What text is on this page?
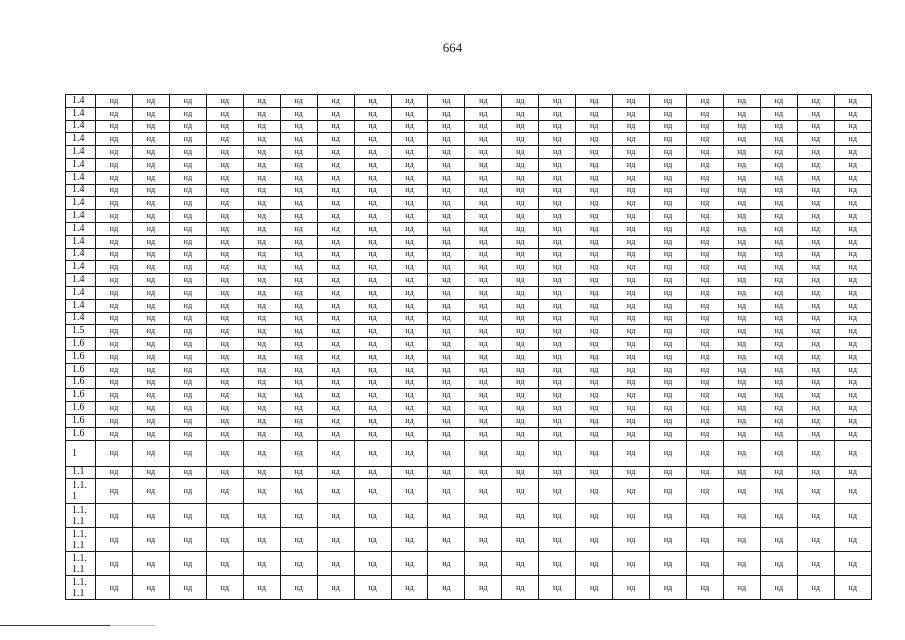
664
1.4	нд	нд	нд	нд	нд	нд	нд	нд	нд	нд	нд	нд	нд	нд	нд	нд	нд	нд	нд	нд	нд
1.4	нд	нд	нд	нд	нд	нд	нд	нд	нд	нд	нд	нд	нд	нд	нд	нд	нд	нд	нд	нд	нд
1.4	нд	нд	нд	нд	нд	нд	нд	нд	нд	нд	нд	нд	нд	нд	нд	нд	нд	нд	нд	нд	нд
1.4	нд	нд	нд	нд	нд	нд	нд	нд	нд	нд	нд	нд	нд	нд	нд	нд	нд	нд	нд	нд	нд
1.4	нд	нд	нд	нд	нд	нд	нд	нд	нд	нд	нд	нд	нд	нд	нд	нд	нд	нд	нд	нд	нд
1.4	нд	нд	нд	нд	нд	нд	нд	нд	нд	нд	нд	нд	нд	нд	нд	нд	нд	нд	нд	нд	нд
1.4	нд	нд	нд	нд	нд	нд	нд	нд	нд	нд	нд	нд	нд	нд	нд	нд	нд	нд	нд	нд	нд
1.4	нд	нд	нд	нд	нд	нд	нд	нд	нд	нд	нд	нд	нд	нд	нд	нд	нд	нд	нд	нд	нд
1.4	нд	нд	нд	нд	нд	нд	нд	нд	нд	нд	нд	нд	нд	нд	нд	нд	нд	нд	нд	нд	нд
1.4	нд	нд	нд	нд	нд	нд	нд	нд	нд	нд	нд	нд	нд	нд	нд	нд	нд	нд	нд	нд	нд
1.4	нд	нд	нд	нд	нд	нд	нд	нд	нд	нд	нд	нд	нд	нд	нд	нд	нд	нд	нд	нд	нд
1.4	нд	нд	нд	нд	нд	нд	нд	нд	нд	нд	нд	нд	нд	нд	нд	нд	нд	нд	нд	нд	нд
1.4	нд	нд	нд	нд	нд	нд	нд	нд	нд	нд	нд	нд	нд	нд	нд	нд	нд	нд	нд	нд	нд
1.4	нд	нд	нд	нд	нд	нд	нд	нд	нд	нд	нд	нд	нд	нд	нд	нд	нд	нд	нд	нд	нд
1.4	нд	нд	нд	нд	нд	нд	нд	нд	нд	нд	нд	нд	нд	нд	нд	нд	нд	нд	нд	нд	нд
1.4	нд	нд	нд	нд	нд	нд	нд	нд	нд	нд	нд	нд	нд	нд	нд	нд	нд	нд	нд	нд	нд
1.4	нд	нд	нд	нд	нд	нд	нд	нд	нд	нд	нд	нд	нд	нд	нд	нд	нд	нд	нд	нд	нд
1.4	нд	нд	нд	нд	нд	нд	нд	нд	нд	нд	нд	нд	нд	нд	нд	нд	нд	нд	нд	нд	нд
1.5	нд	нд	нд	нд	нд	нд	нд	нд	нд	нд	нд	нд	нд	нд	нд	нд	нд	нд	нд	нд	нд
1.6	нд	нд	нд	нд	нд	нд	нд	нд	нд	нд	нд	нд	нд	нд	нд	нд	нд	нд	нд	нд	нд
1.6	нд	нд	нд	нд	нд	нд	нд	нд	нд	нд	нд	нд	нд	нд	нд	нд	нд	нд	нд	нд	нд
1.6	нд	нд	нд	нд	нд	нд	нд	нд	нд	нд	нд	нд	нд	нд	нд	нд	нд	нд	нд	нд	нд
1.6	нд	нд	нд	нд	нд	нд	нд	нд	нд	нд	нд	нд	нд	нд	нд	нд	нд	нд	нд	нд	нд
1.6	нд	нд	нд	нд	нд	нд	нд	нд	нд	нд	нд	нд	нд	нд	нд	нд	нд	нд	нд	нд	нд
1.6	нд	нд	нд	нд	нд	нд	нд	нд	нд	нд	нд	нд	нд	нд	нд	нд	нд	нд	нд	нд	нд
1.6	нд	нд	нд	нд	нд	нд	нд	нд	нд	нд	нд	нд	нд	нд	нд	нд	нд	нд	нд	нд	нд
1.6	нд	нд	нд	нд	нд	нд	нд	нд	нд	нд	нд	нд	нд	нд	нд	нд	нд	нд	нд	нд	нд
1	нд	нд	нд	нд	нд	нд	нд	нд	нд	нд	нд	нд	нд	нд	нд	нд	нд	нд	нд	нд	нд
1.1	нд	нд	нд	нд	нд	нд	нд	нд	нд	нд	нд	нд	нд	нд	нд	нд	нд	нд	нд	нд	нд
1.1.
1	нд	нд	нд	нд	нд	нд	нд	нд	нд	нд	нд	нд	нд	нд	нд	нд	нд	нд	нд	нд	нд
1.1.
1.1	нд	нд	нд	нд	нд	нд	нд	нд	нд	нд	нд	нд	нд	нд	нд	нд	нд	нд	нд	нд	нд
1.1.
1.1	нд	нд	нд	нд	нд	нд	нд	нд	нд	нд	нд	нд	нд	нд	нд	нд	нд	нд	нд	нд	нд
1.1.
1.1	нд	нд	нд	нд	нд	нд	нд	нд	нд	нд	нд	нд	нд	нд	нд	нд	нд	нд	нд	нд	нд
1.1.
1.1	нд	нд	нд	нд	нд	нд	нд	нд	нд	нд	нд	нд	нд	нд	нд	нд	нд	нд	нд	нд	нд
